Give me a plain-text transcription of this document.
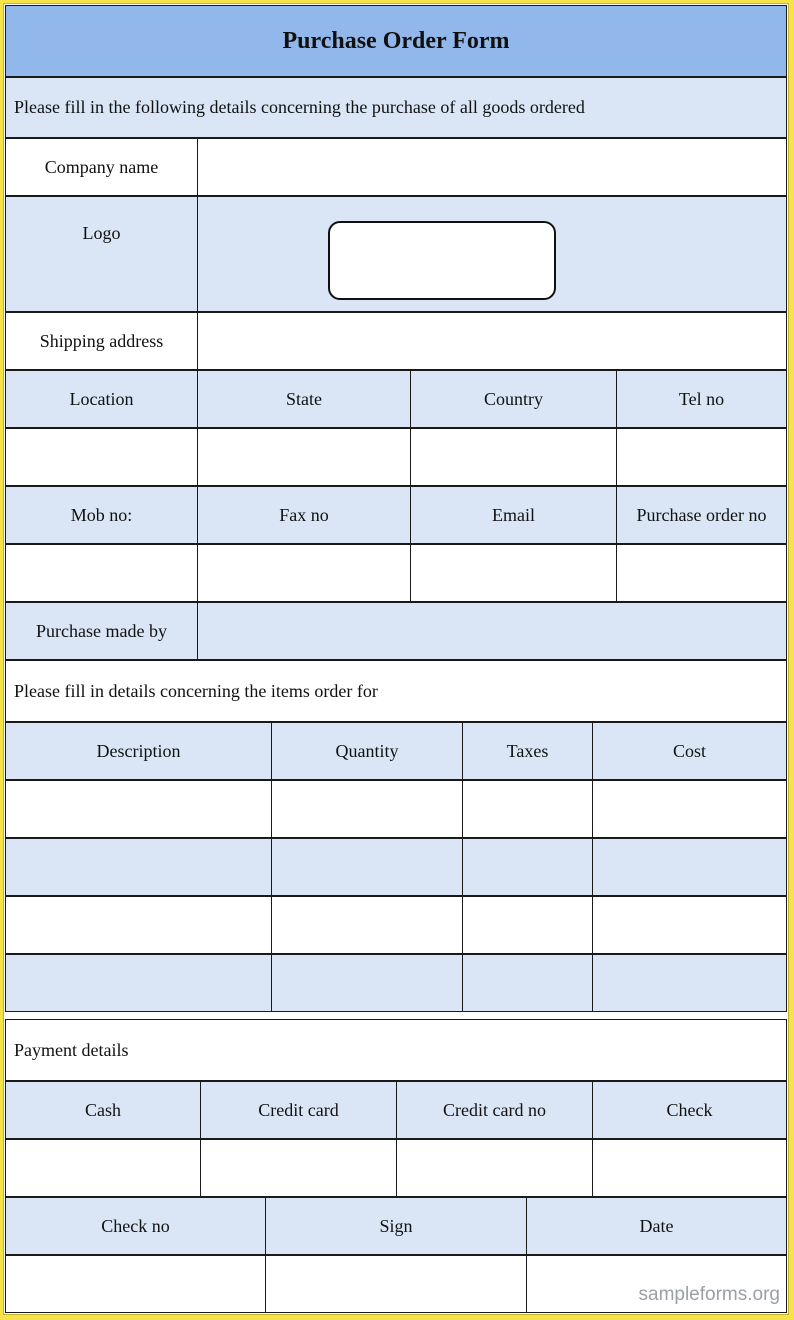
Purchase Order Form
Please fill in the following details concerning the purchase of all goods ordered
Company name
Logo
Shipping address
Location	State	Country	Tel no
Mob no:	Fax no	Email	Purchase order no
Purchase made by
Please fill in details concerning the items order for
Description	Quantity	Taxes	Cost
Payment details
Cash	Credit card	Credit card no	Check
Check no	Sign	Date
sampleforms.org
